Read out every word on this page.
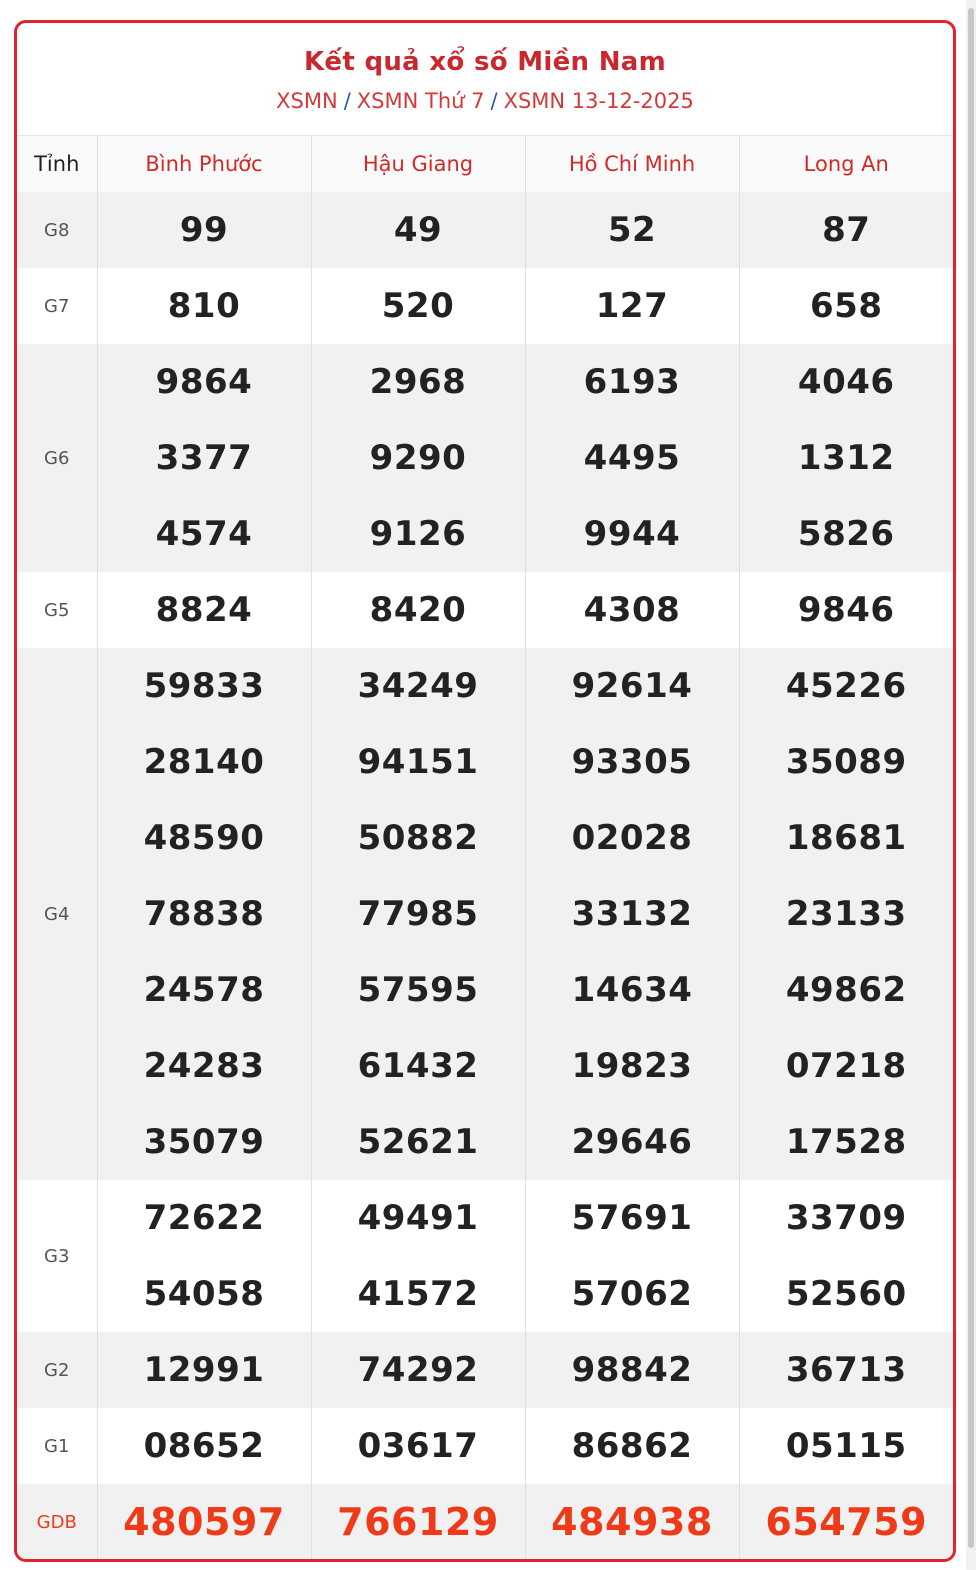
Kết quả xổ số Miền Nam
XSMN / XSMN Thứ 7 / XSMN 13-12-2025
Tỉnh	Bình Phước	Hậu Giang	Hồ Chí Minh	Long An
G8	99	49	52	87
G7	810	520	127	658
G6	9864	2968	6193	4046
	3377	9290	4495	1312
	4574	9126	9944	5826
G5	8824	8420	4308	9846
G4	59833	34249	92614	45226
	28140	94151	93305	35089
	48590	50882	02028	18681
	78838	77985	33132	23133
	24578	57595	14634	49862
	24283	61432	19823	07218
	35079	52621	29646	17528
G3	72622	49491	57691	33709
	54058	41572	57062	52560
G2	12991	74292	98842	36713
G1	08652	03617	86862	05115
GDB	480597	766129	484938	654759
